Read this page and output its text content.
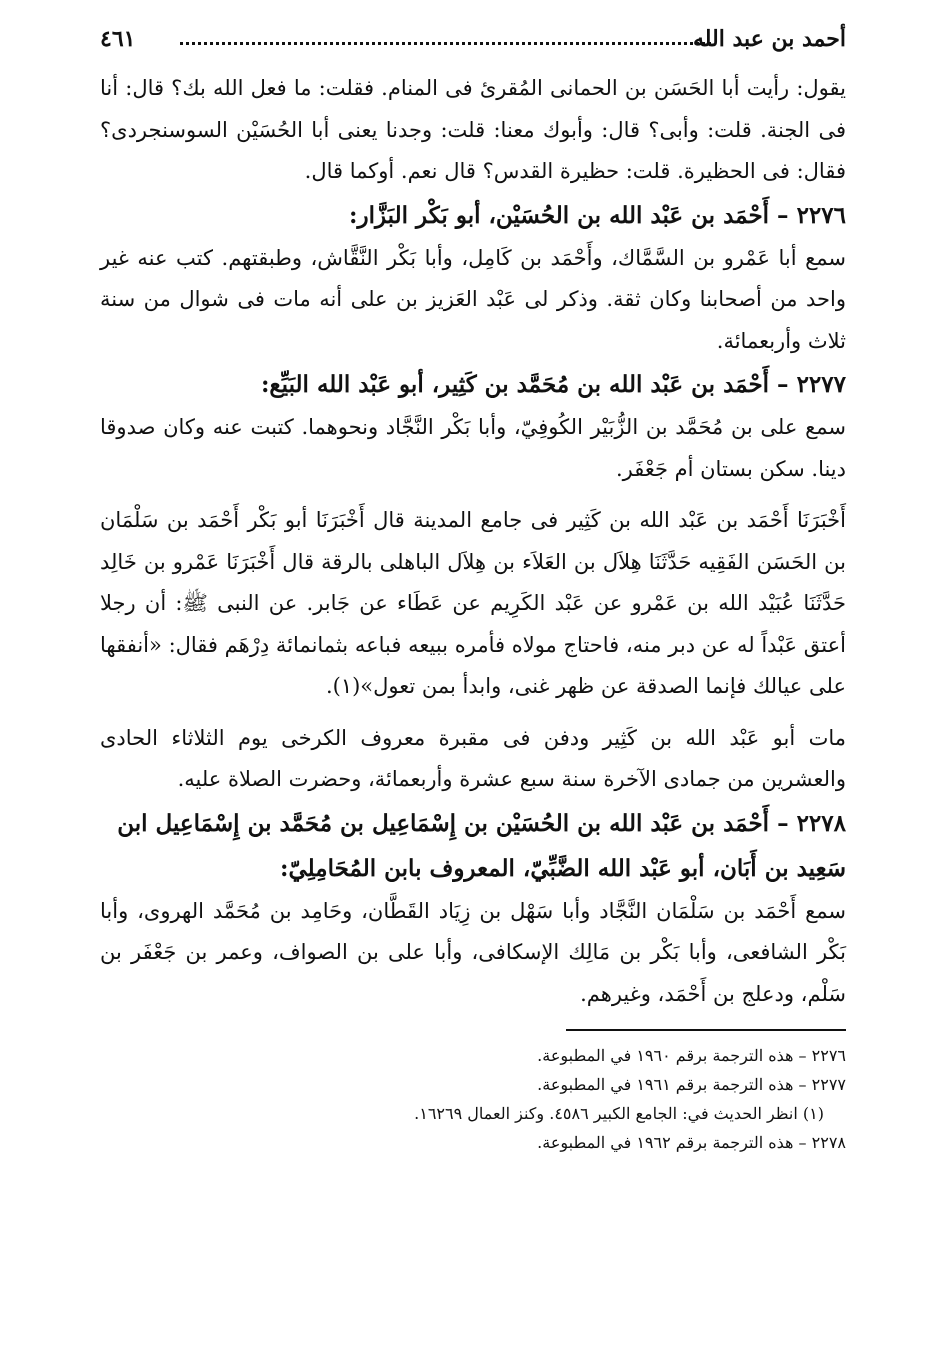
أحمد بن عبد الله
٤٦١

يقول: رأيت أبا الحَسَن بن الحمانى المُقرئ فى المنام. فقلت: ما فعل الله بك؟ قال: أنا فى الجنة. قلت: وأبى؟ قال: وأبوك معنا: قلت: وجدنا يعنى أبا الحُسَيْن السوسنجردى؟ فقال: فى الحظيرة. قلت: حظيرة القدس؟ قال نعم. أوكما قال.

٢٢٧٦ – أَحْمَد بن عَبْد الله بن الحُسَيْن، أبو بَكْر البَزَّار:

سمع أبا عَمْرو بن السَّمَّاك، وأَحْمَد بن كَامِل، وأبا بَكْر النَّقَّاش، وطبقتهم. كتب عنه غير واحد من أصحابنا وكان ثقة. وذكر لى عَبْد العَزيز بن على أنه مات فى شوال من سنة ثلاث وأربعمائة.

٢٢٧٧ – أَحْمَد بن عَبْد الله بن مُحَمَّد بن كَثِير، أبو عَبْد الله البَيِّع:

سمع على بن مُحَمَّد بن الزُّبَيْر الكُوفِيّ، وأبا بَكْر النَّجَّاد ونحوهما. كتبت عنه وكان صدوقا دينا. سكن بستان أم جَعْفَر.

أَخْبَرَنَا أَحْمَد بن عَبْد الله بن كَثِير فى جامع المدينة قال أَخْبَرَنَا أبو بَكْر أَحْمَد بن سَلْمَان بن الحَسَن الفَقِيه حَدَّثَنَا هِلاَل بن العَلاَء بن هِلاَل الباهلى بالرقة قال أَخْبَرَنَا عَمْرو بن خَالِد حَدَّثَنَا عُبَيْد الله بن عَمْرو عن عَبْد الكَرِيم عن عَطَاء عن جَابر. عن النبى ﷺ: أن رجلا أعتق عَبْداً له عن دبر منه، فاحتاج مولاه فأمره ببيعه فباعه بثمانمائة دِرْهَم فقال: «أنفقها على عيالك فإنما الصدقة عن ظهر غنى، وابدأ بمن تعول»(١).

مات أبو عَبْد الله بن كَثِير ودفن فى مقبرة معروف الكرخى يوم الثلاثاء الحادى والعشرين من جمادى الآخرة سنة سبع عشرة وأربعمائة، وحضرت الصلاة عليه.

٢٢٧٨ – أَحْمَد بن عَبْد الله بن الحُسَيْن بن إِسْمَاعِيل بن مُحَمَّد بن إِسْمَاعِيل ابن سَعِيد بن أَبَان، أبو عَبْد الله الضَّبِّيّ، المعروف بابن المُحَامِلِيّ:

سمع أَحْمَد بن سَلْمَان النَّجَّاد وأبا سَهْل بن زِيَاد القَطَّان، وحَامِد بن مُحَمَّد الهروى، وأبا بَكْر الشافعى، وأبا بَكْر بن مَالِك الإسكافى، وأبا على بن الصواف، وعمر بن جَعْفَر بن سَلْم، ودعلج بن أَحْمَد، وغيرهم.

٢٢٧٦ – هذه الترجمة برقم ١٩٦٠ في المطبوعة.

٢٢٧٧ – هذه الترجمة برقم ١٩٦١ في المطبوعة.

(١) انظر الحديث في: الجامع الكبير ٤٥٨٦. وكنز العمال ١٦٢٦٩.

٢٢٧٨ – هذه الترجمة برقم ١٩٦٢ في المطبوعة.
